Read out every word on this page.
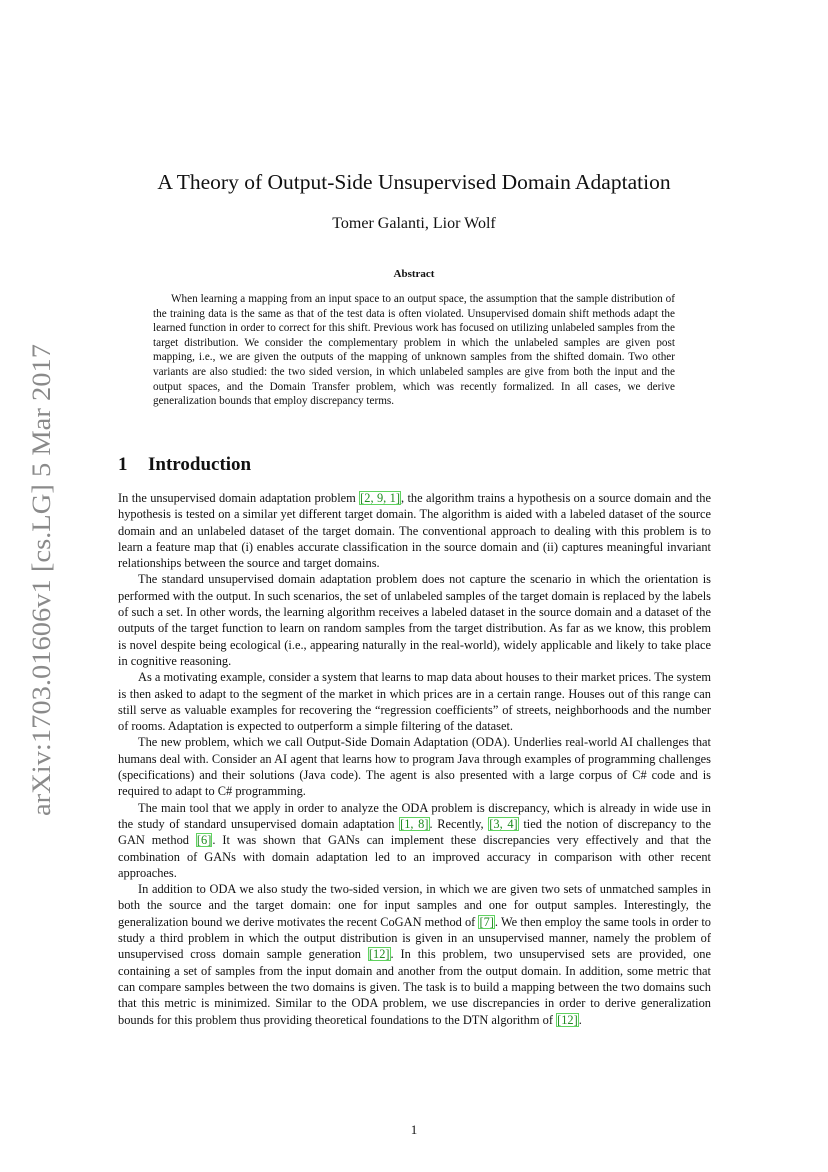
arXiv:1703.01606v1 [cs.LG] 5 Mar 2017
A Theory of Output-Side Unsupervised Domain Adaptation
Tomer Galanti, Lior Wolf
Abstract

When learning a mapping from an input space to an output space, the assumption that the sample distribution of the training data is the same as that of the test data is often violated. Unsupervised domain shift methods adapt the learned function in order to correct for this shift. Previous work has focused on utilizing unlabeled samples from the target distribution. We consider the complementary problem in which the unlabeled samples are given post mapping, i.e., we are given the outputs of the mapping of unknown samples from the shifted domain. Two other variants are also studied: the two sided version, in which unlabeled samples are give from both the input and the output spaces, and the Domain Transfer problem, which was recently formalized. In all cases, we derive generalization bounds that employ discrepancy terms.

1 Introduction

In the unsupervised domain adaptation problem [2, 9, 1], the algorithm trains a hypothesis on a source domain and the hypothesis is tested on a similar yet different target domain. The algorithm is aided with a labeled dataset of the source domain and an unlabeled dataset of the target domain. The conventional approach to dealing with this problem is to learn a feature map that (i) enables accurate classification in the source domain and (ii) captures meaningful invariant relationships between the source and target domains.

The standard unsupervised domain adaptation problem does not capture the scenario in which the orientation is performed with the output. In such scenarios, the set of unlabeled samples of the target domain is replaced by the labels of such a set. In other words, the learning algorithm receives a labeled dataset in the source domain and a dataset of the outputs of the target function to learn on random samples from the target distribution. As far as we know, this problem is novel despite being ecological (i.e., appearing naturally in the real-world), widely applicable and likely to take place in cognitive reasoning.

As a motivating example, consider a system that learns to map data about houses to their market prices. The system is then asked to adapt to the segment of the market in which prices are in a certain range. Houses out of this range can still serve as valuable examples for recovering the “regression coefficients” of streets, neighborhoods and the number of rooms. Adaptation is expected to outperform a simple filtering of the dataset.

The new problem, which we call Output-Side Domain Adaptation (ODA). Underlies real-world AI challenges that humans deal with. Consider an AI agent that learns how to program Java through examples of programming challenges (specifications) and their solutions (Java code). The agent is also presented with a large corpus of C# code and is required to adapt to C# programming.

The main tool that we apply in order to analyze the ODA problem is discrepancy, which is already in wide use in the study of standard unsupervised domain adaptation [1, 8]. Recently, [3, 4] tied the notion of discrepancy to the GAN method [6]. It was shown that GANs can implement these discrepancies very effectively and that the combination of GANs with domain adaptation led to an improved accuracy in comparison with other recent approaches.

In addition to ODA we also study the two-sided version, in which we are given two sets of unmatched samples in both the source and the target domain: one for input samples and one for output samples. Interestingly, the generalization bound we derive motivates the recent CoGAN method of [7]. We then employ the same tools in order to study a third problem in which the output distribution is given in an unsupervised manner, namely the problem of unsupervised cross domain sample generation [12]. In this problem, two unsupervised sets are provided, one containing a set of samples from the input domain and another from the output domain. In addition, some metric that can compare samples between the two domains is given. The task is to build a mapping between the two domains such that this metric is minimized. Similar to the ODA problem, we use discrepancies in order to derive generalization bounds for this problem thus providing theoretical foundations to the DTN algorithm of [12].

1
